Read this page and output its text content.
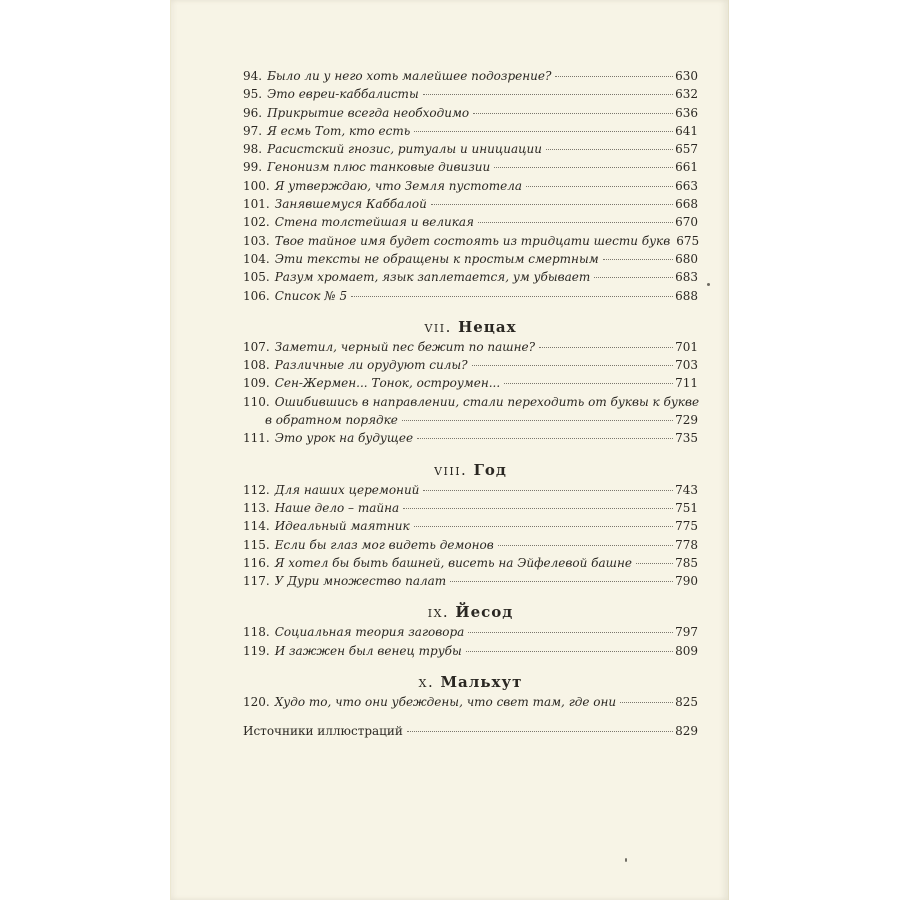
94. Было ли у него хоть малейшее подозрение?	630
95. Это евреи-каббалисты	632
96. Прикрытие всегда необходимо	636
97. Я есмь Тот, кто есть	641
98. Расистский гнозис, ритуалы и инициации	657
99. Генонизм плюс танковые дивизии	661
100. Я утверждаю, что Земля пустотела	663
101. Занявшемуся Каббалой	668
102. Стена толстейшая и великая	670
103. Твое тайное имя будет состоять из тридцати шести букв 675
104. Эти тексты не обращены к простым смертным	680
105. Разум хромает, язык заплетается, ум убывает	683
106. Список № 5	688
vii. Нецах
107. Заметил, черный пес бежит по пашне?	701
108. Различные ли орудуют силы?	703
109. Сен-Жермен... Тонок, остроумен...	711
110. Ошибившись в направлении, стали переходить от буквы к букве
в обратном порядке	729
111. Это урок на будущее	735
viii. Год
112. Для наших церемоний	743
113. Наше дело – тайна	751
114. Идеальный маятник	775
115. Если бы глаз мог видеть демонов	778
116. Я хотел бы быть башней, висеть на Эйфелевой башне	785
117. У Дури множество палат	790
ix. Йесод
118. Социальная теория заговора	797
119. И зажжен был венец трубы	809
x. Мальхут
120. Худо то, что они убеждены, что свет там, где они	825
Источники иллюстраций	829
